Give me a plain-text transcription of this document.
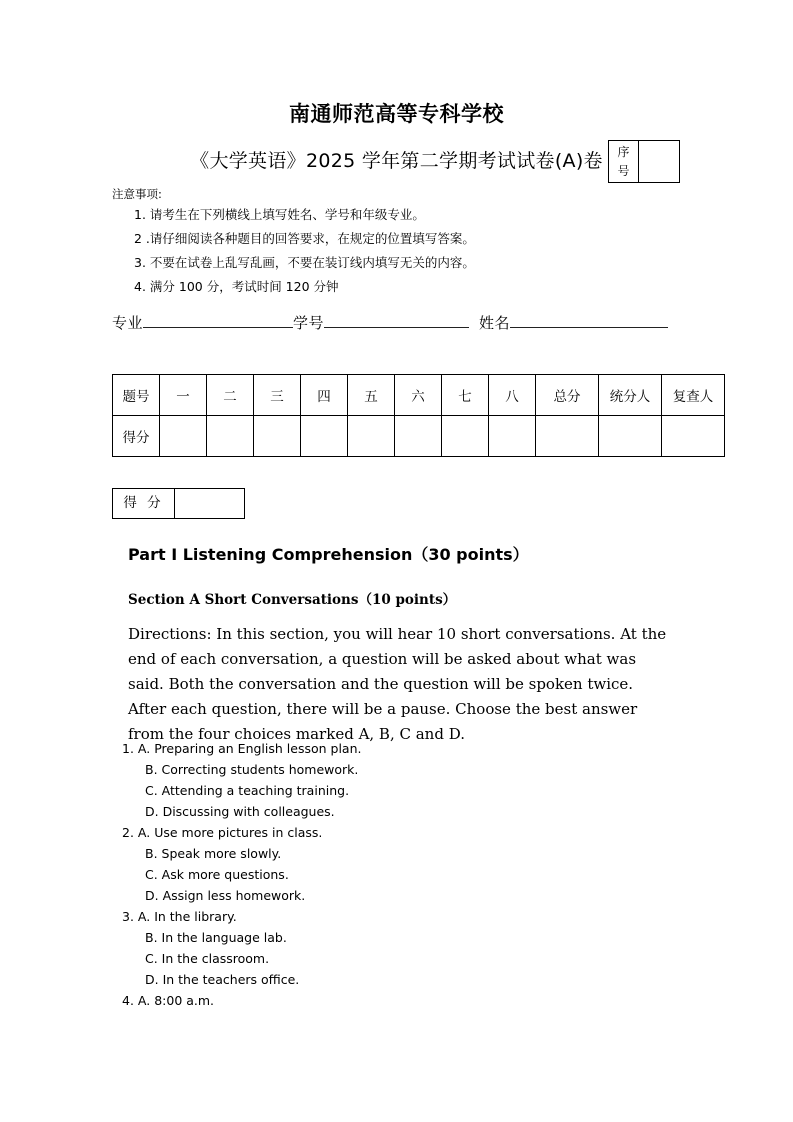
南通师范高等专科学校
《大学英语》2025 学年第二学期考试试卷(A)卷	序
号
注意事项:
1. 请考生在下列横线上填写姓名、学号和年级专业。
2 .请仔细阅读各种题目的回答要求，在规定的位置填写答案。
3. 不要在试卷上乱写乱画，不要在装订线内填写无关的内容。
4. 满分 100 分，考试时间 120 分钟
专业	学号	姓名
题号	一	二	三	四	五	六	七	八	总分	统分人	复查人
得分											
得 分
Part I Listening Comprehension（30 points）
Section A Short Conversations（10 points）
Directions: In this section, you will hear 10 short conversations. At the end of each conversation, a question will be asked about what was said. Both the conversation and the question will be spoken twice. After each question, there will be a pause. Choose the best answer from the four choices marked A, B, C and D.
1. A. Preparing an English lesson plan.
B. Correcting students homework.
C. Attending a teaching training.
D. Discussing with colleagues.
2. A. Use more pictures in class.
B. Speak more slowly.
C. Ask more questions.
D. Assign less homework.
3. A. In the library.
B. In the language lab.
C. In the classroom.
D. In the teachers office.
4. A. 8:00 a.m.
